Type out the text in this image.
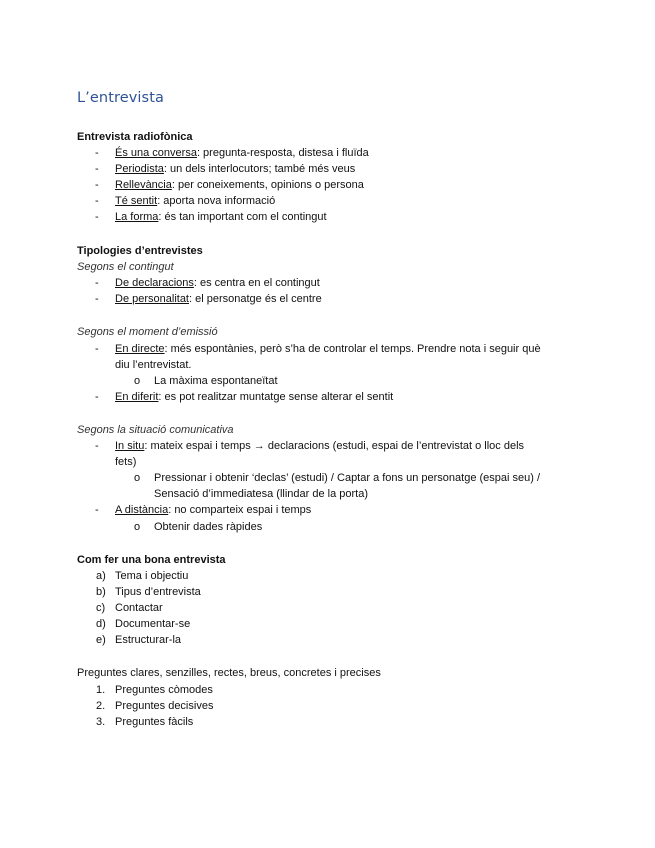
L’entrevista
Entrevista radiofònica
- És una conversa: pregunta-resposta, distesa i fluïda
- Periodista: un dels interlocutors; també més veus
- Rellevància: per coneixements, opinions o persona
- Té sentit: aporta nova informació
- La forma: és tan important com el contingut
Tipologies d’entrevistes
Segons el contingut
- De declaracions: es centra en el contingut
- De personalitat: el personatge és el centre
Segons el moment d’emissió
- En directe: més espontànies, però s’ha de controlar el temps. Prendre nota i seguir què
diu l’entrevistat.
o La màxima espontaneïtat
- En diferit: es pot realitzar muntatge sense alterar el sentit
Segons la situació comunicativa
- In situ: mateix espai i temps → declaracions (estudi, espai de l’entrevistat o lloc dels
fets)
o Pressionar i obtenir ‘declas’ (estudi) / Captar a fons un personatge (espai seu) /
Sensació d’immediatesa (llindar de la porta)
- A distància: no comparteix espai i temps
o Obtenir dades ràpides
Com fer una bona entrevista
a) Tema i objectiu
b) Tipus d’entrevista
c) Contactar
d) Documentar-se
e) Estructurar-la
Preguntes clares, senzilles, rectes, breus, concretes i precises
1. Preguntes còmodes
2. Preguntes decisives
3. Preguntes fàcils
